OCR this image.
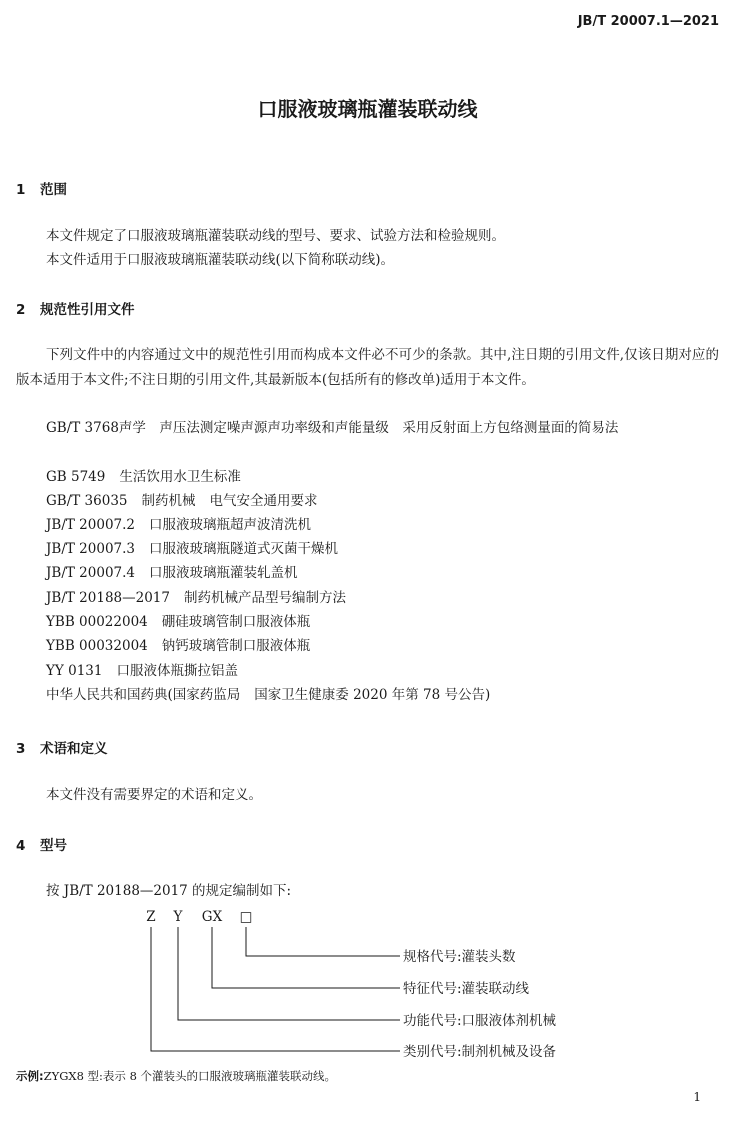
JB/T 20007.1—2021
口服液玻璃瓶灌装联动线
1 范围
本文件规定了口服液玻璃瓶灌装联动线的型号、要求、试验方法和检验规则。
本文件适用于口服液玻璃瓶灌装联动线(以下简称联动线)。
2 规范性引用文件
下列文件中的内容通过文中的规范性引用而构成本文件必不可少的条款。其中,注日期的引用文件,仅该日期对应的版本适用于本文件;不注日期的引用文件,其最新版本(包括所有的修改单)适用于本文件。
GB/T 3768声学　声压法测定噪声源声功率级和声能量级　采用反射面上方包络测量面的简易法
GB 5749 生活饮用水卫生标准
GB/T 36035 制药机械 电气安全通用要求
JB/T 20007.2 口服液玻璃瓶超声波清洗机
JB/T 20007.3 口服液玻璃瓶隧道式灭菌干燥机
JB/T 20007.4 口服液玻璃瓶灌装轧盖机
JB/T 20188—2017 制药机械产品型号编制方法
YBB 00022004 硼硅玻璃管制口服液体瓶
YBB 00032004 钠钙玻璃管制口服液体瓶
YY 0131 口服液体瓶撕拉铝盖
中华人民共和国药典(国家药监局 国家卫生健康委 2020 年第 78 号公告)
3 术语和定义
本文件没有需要界定的术语和定义。
4 型号
按 JB/T 20188—2017 的规定编制如下:
Z Y GX □
规格代号:灌装头数
特征代号:灌装联动线
功能代号:口服液体剂机械
类别代号:制剂机械及设备
示例:ZYGX8 型:表示 8 个灌装头的口服液玻璃瓶灌装联动线。
1
